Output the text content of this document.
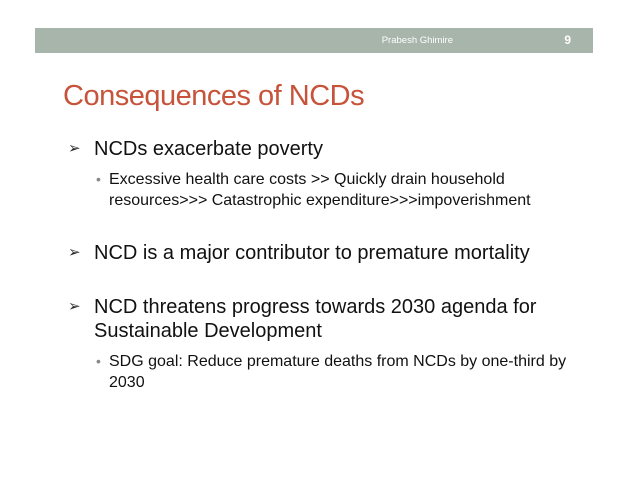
Prabesh Ghimire	9
Consequences of NCDs
➢ NCDs exacerbate poverty
• Excessive health care costs >> Quickly drain household resources>>> Catastrophic expenditure>>>impoverishment
➢ NCD is a major contributor to premature mortality
➢ NCD threatens progress towards 2030 agenda for Sustainable Development
• SDG goal: Reduce premature deaths from NCDs by one-third by 2030
